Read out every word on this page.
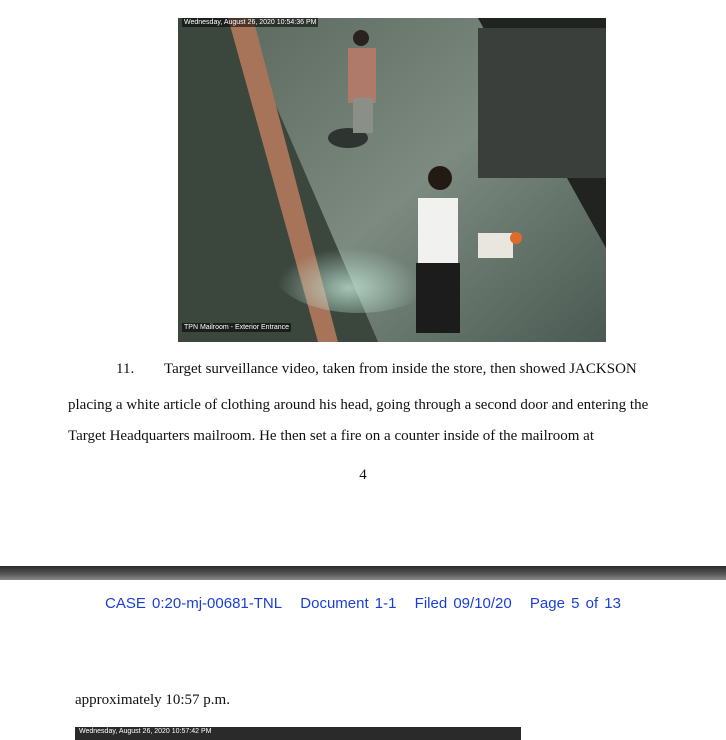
Wednesday, August 26, 2020 10:54:36 PM
TPN Mailroom - Exterior Entrance
11. Target surveillance video, taken from inside the store, then showed JACKSON
placing a white article of clothing around his head, going through a second door and entering the
Target Headquarters mailroom. He then set a fire on a counter inside of the mailroom at
4
CASE 0:20-mj-00681-TNL Document 1-1 Filed 09/10/20 Page 5 of 13
approximately 10:57 p.m.
Wednesday, August 26, 2020 10:57:42 PM
